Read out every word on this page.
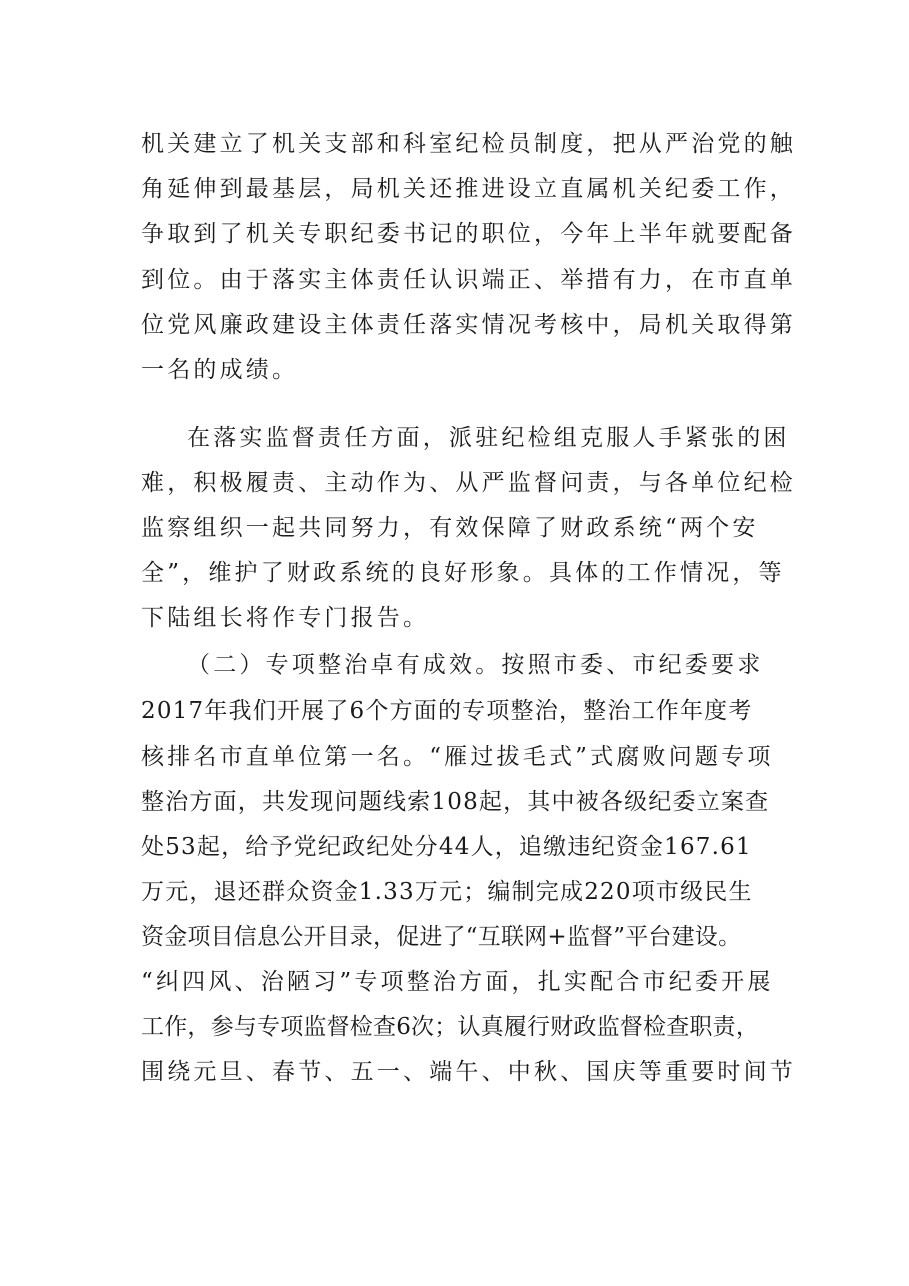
机关建立了机关支部和科室纪检员制度，把从严治党的触
角延伸到最基层，局机关还推进设立直属机关纪委工作，
争取到了机关专职纪委书记的职位，今年上半年就要配备
到位。由于落实主体责任认识端正、举措有力，在市直单
位党风廉政建设主体责任落实情况考核中，局机关取得第
一名的成绩。
在落实监督责任方面，派驻纪检组克服人手紧张的困
难，积极履责、主动作为、从严监督问责，与各单位纪检
监察组织一起共同努力，有效保障了财政系统“两个安
全”，维护了财政系统的良好形象。具体的工作情况，等
下陆组长将作专门报告。
（二）专项整治卓有成效。按照市委、市纪委要求
2017年我们开展了6个方面的专项整治，整治工作年度考
核排名市直单位第一名。“雁过拔毛式”式腐败问题专项
整治方面，共发现问题线索108起，其中被各级纪委立案查
处53起，给予党纪政纪处分44人，追缴违纪资金167.61
万元，退还群众资金1.33万元；编制完成220项市级民生
资金项目信息公开目录，促进了“互联网+监督”平台建设。
“纠四风、治陋习”专项整治方面，扎实配合市纪委开展
工作，参与专项监督检查6次；认真履行财政监督检查职责，
围绕元旦、春节、五一、端午、中秋、国庆等重要时间节
